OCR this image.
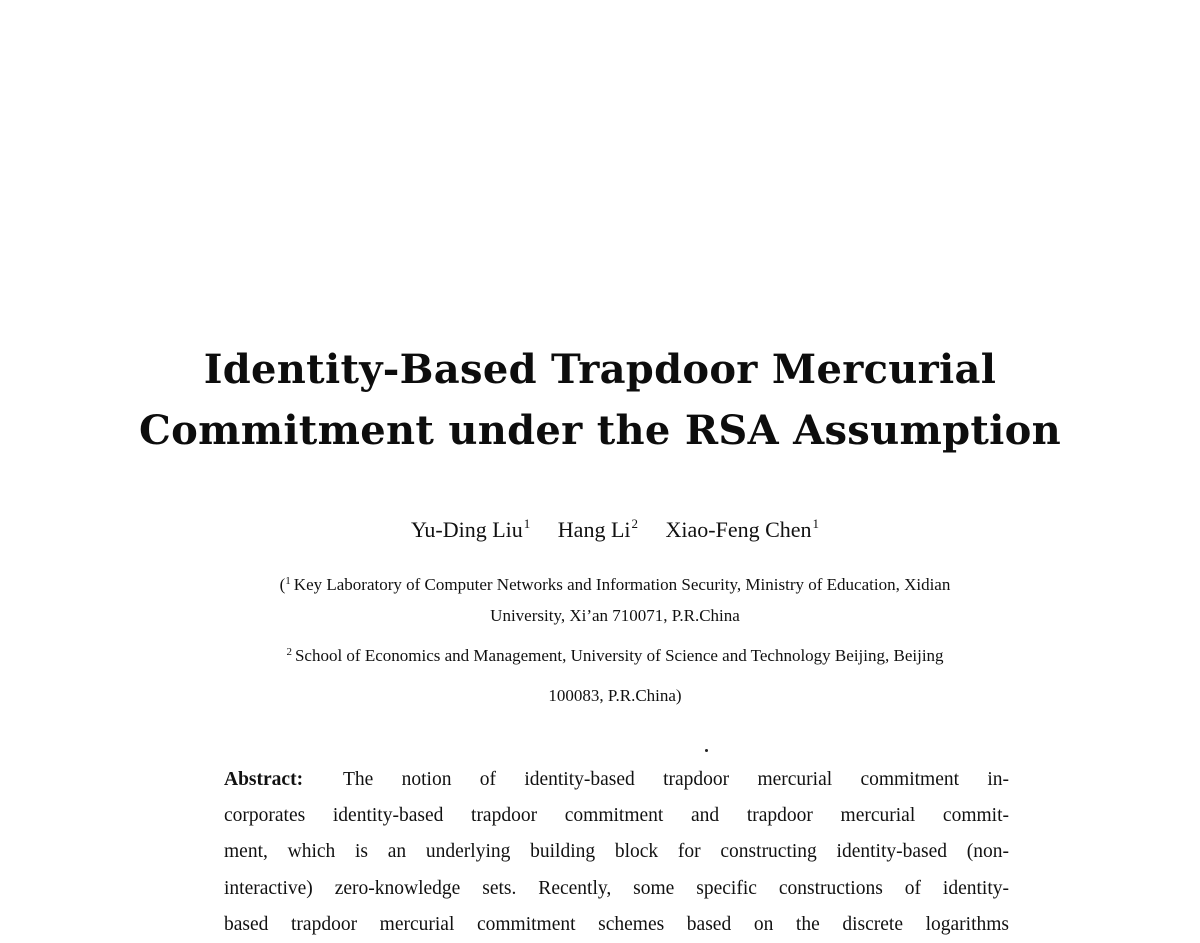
Identity-Based Trapdoor Mercurial
Commitment under the RSA Assumption
Yu-Ding Liu$^1$ Hang Li$^2$ Xiao-Feng Chen$^1$
($^1$ Key Laboratory of Computer Networks and Information Security, Ministry of Education, Xidian
University, Xi’an 710071, P.R.China
$^2$ School of Economics and Management, University of Science and Technology Beijing, Beijing
100083, P.R.China)
Abstract: The notion of identity-based trapdoor mercurial commitment in-
corporates identity-based trapdoor commitment and trapdoor mercurial commit-
ment, which is an underlying building block for constructing identity-based (non-
interactive) zero-knowledge sets. Recently, some specific constructions of identity-
based trapdoor mercurial commitment schemes based on the discrete logarithms
